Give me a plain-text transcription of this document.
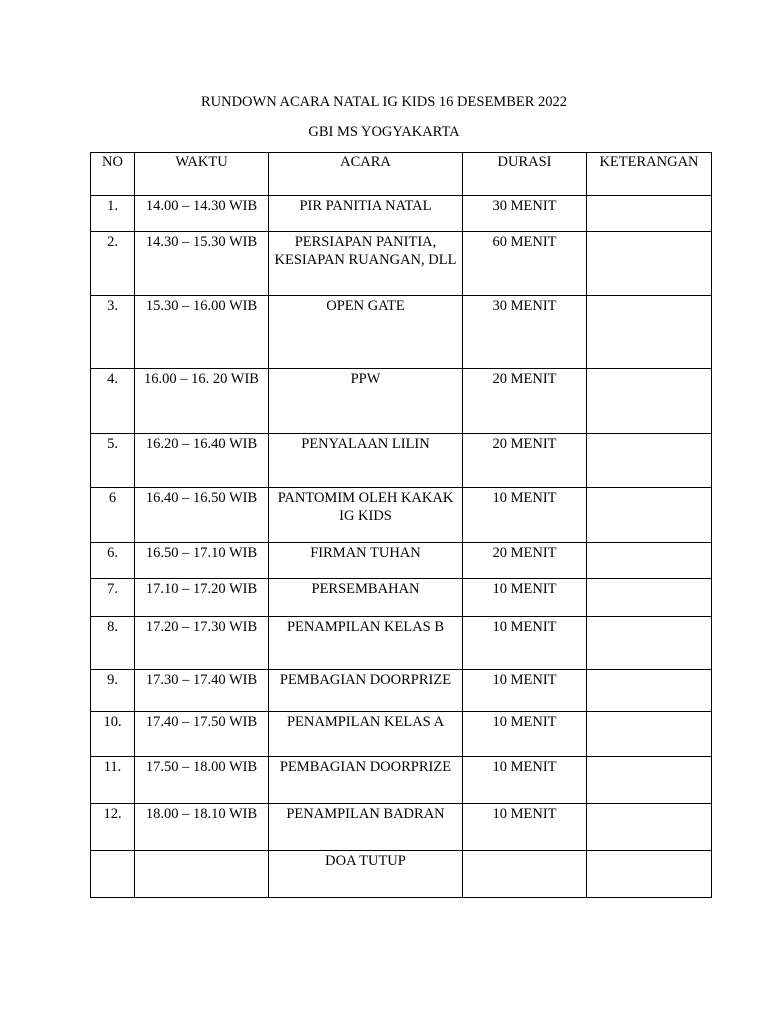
RUNDOWN ACARA NATAL IG KIDS 16 DESEMBER 2022
GBI MS YOGYAKARTA
NO	WAKTU	ACARA	DURASI	KETERANGAN
1.	14.00 – 14.30 WIB	PIR PANITIA NATAL	30 MENIT	
2.	14.30 – 15.30 WIB	PERSIAPAN PANITIA, KESIAPAN RUANGAN, DLL	60 MENIT	
3.	15.30 – 16.00 WIB	OPEN GATE	30 MENIT	
4.	16.00 – 16. 20 WIB	PPW	20 MENIT	
5.	16.20 – 16.40 WIB	PENYALAAN LILIN	20 MENIT	
6	16.40 – 16.50 WIB	PANTOMIM OLEH KAKAK IG KIDS	10 MENIT	
6.	16.50 – 17.10 WIB	FIRMAN TUHAN	20 MENIT	
7.	17.10 – 17.20 WIB	PERSEMBAHAN	10 MENIT	
8.	17.20 – 17.30 WIB	PENAMPILAN KELAS B	10 MENIT	
9.	17.30 – 17.40 WIB	PEMBAGIAN DOORPRIZE	10 MENIT	
10.	17.40 – 17.50 WIB	PENAMPILAN KELAS A	10 MENIT	
11.	17.50 – 18.00 WIB	PEMBAGIAN DOORPRIZE	10 MENIT	
12.	18.00 – 18.10 WIB	PENAMPILAN BADRAN	10 MENIT	
		DOA TUTUP		
